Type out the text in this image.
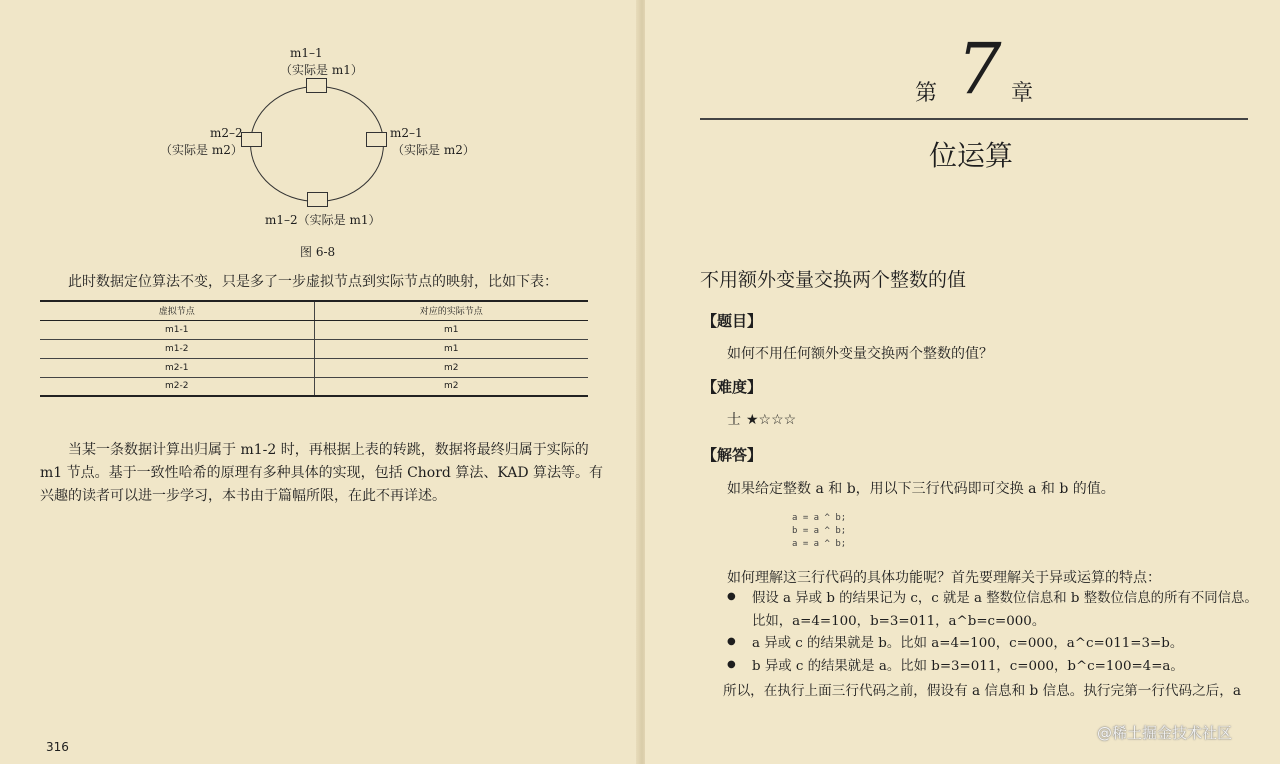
m1–1
（实际是 m1）
m2–2
（实际是 m2）
m2–1
（实际是 m2）
m1–2（实际是 m1）
图 6-8
此时数据定位算法不变，只是多了一步虚拟节点到实际节点的映射，比如下表：
虚拟节点	对应的实际节点
m1-1	m1
m1-2	m1
m2-1	m2
m2-2	m2
当某一条数据计算出归属于 m1-2 时，再根据上表的转跳，数据将最终归属于实际的
m1 节点。基于一致性哈希的原理有多种具体的实现，包括 Chord 算法、KAD 算法等。有
兴趣的读者可以进一步学习，本书由于篇幅所限，在此不再详述。
316
第 7 章
位运算
不用额外变量交换两个整数的值
【题目】
如何不用任何额外变量交换两个整数的值？
【难度】
士 ★☆☆☆
【解答】
如果给定整数 a 和 b，用以下三行代码即可交换 a 和 b 的值。
a = a ^ b;
b = a ^ b;
a = a ^ b;
如何理解这三行代码的具体功能呢？首先要理解关于异或运算的特点：
● 假设 a 异或 b 的结果记为 c，c 就是 a 整数位信息和 b 整数位信息的所有不同信息。
比如，a=4=100，b=3=011，a^b=c=000。
● a 异或 c 的结果就是 b。比如 a=4=100，c=000，a^c=011=3=b。
● b 异或 c 的结果就是 a。比如 b=3=011，c=000，b^c=100=4=a。
所以，在执行上面三行代码之前，假设有 a 信息和 b 信息。执行完第一行代码之后，a
@稀土掘金技术社区
